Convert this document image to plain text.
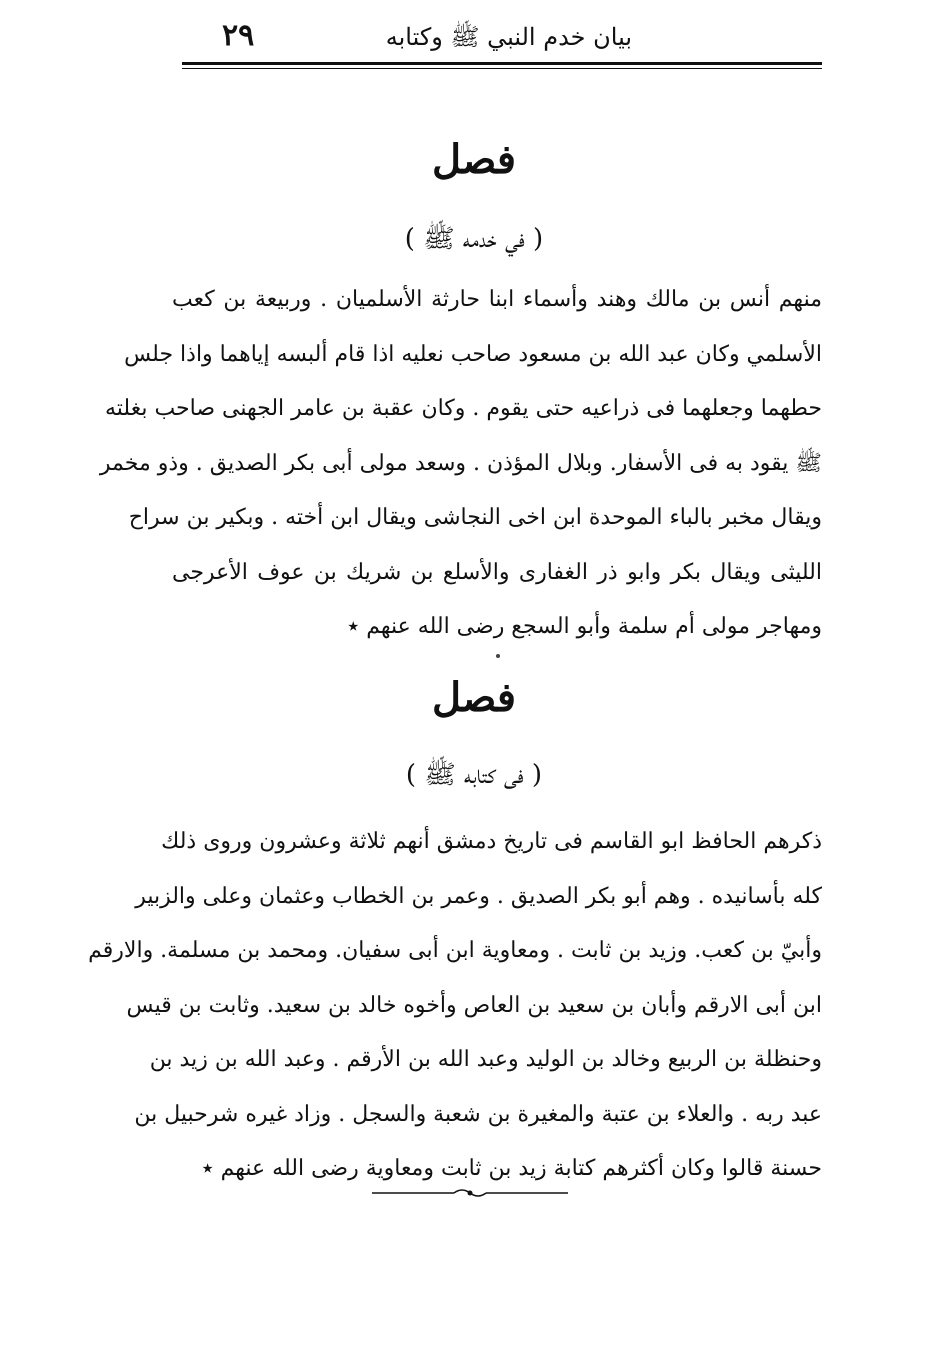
بيان خدم النبي ﷺ وكتابه
٢٩
فصل
( في خدمه ﷺ )
منهم أنس بن مالك وهند وأسماء ابنا حارثة الأسلميان . وربيعة بن كعب
الأسلمي وكان عبد الله بن مسعود صاحب نعليه اذا قام ألبسه إياهما واذا جلس
حطهما وجعلهما فى ذراعيه حتى يقوم . وكان عقبة بن عامر الجهنى صاحب بغلته
ﷺ يقود به فى الأسفار. وبلال المؤذن . وسعد مولى أبى بكر الصديق . وذو مخمر
ويقال مخبر بالباء الموحدة ابن اخى النجاشى ويقال ابن أخته . وبكير بن سراح
الليثى ويقال بكر وابو ذر الغفارى والأسلع بن شريك بن عوف الأعرجى
ومهاجر مولى أم سلمة وأبو السجع رضى الله عنهم ٭
فصل
( فى كتابه ﷺ )
ذكرهم الحافظ ابو القاسم فى تاريخ دمشق أنهم ثلاثة وعشرون وروى ذلك
كله بأسانيده . وهم أبو بكر الصديق . وعمر بن الخطاب وعثمان وعلى والزبير
وأبيّ بن كعب. وزيد بن ثابت . ومعاوية ابن أبى سفيان. ومحمد بن مسلمة. والارقم
ابن أبى الارقم وأبان بن سعيد بن العاص وأخوه خالد بن سعيد. وثابت بن قيس
وحنظلة بن الربيع وخالد بن الوليد وعبد الله بن الأرقم . وعبد الله بن زيد بن
عبد ربه . والعلاء بن عتبة والمغيرة بن شعبة والسجل . وزاد غيره شرحبيل بن
حسنة قالوا وكان أكثرهم كتابة زيد بن ثابت ومعاوية رضى الله عنهم ٭
